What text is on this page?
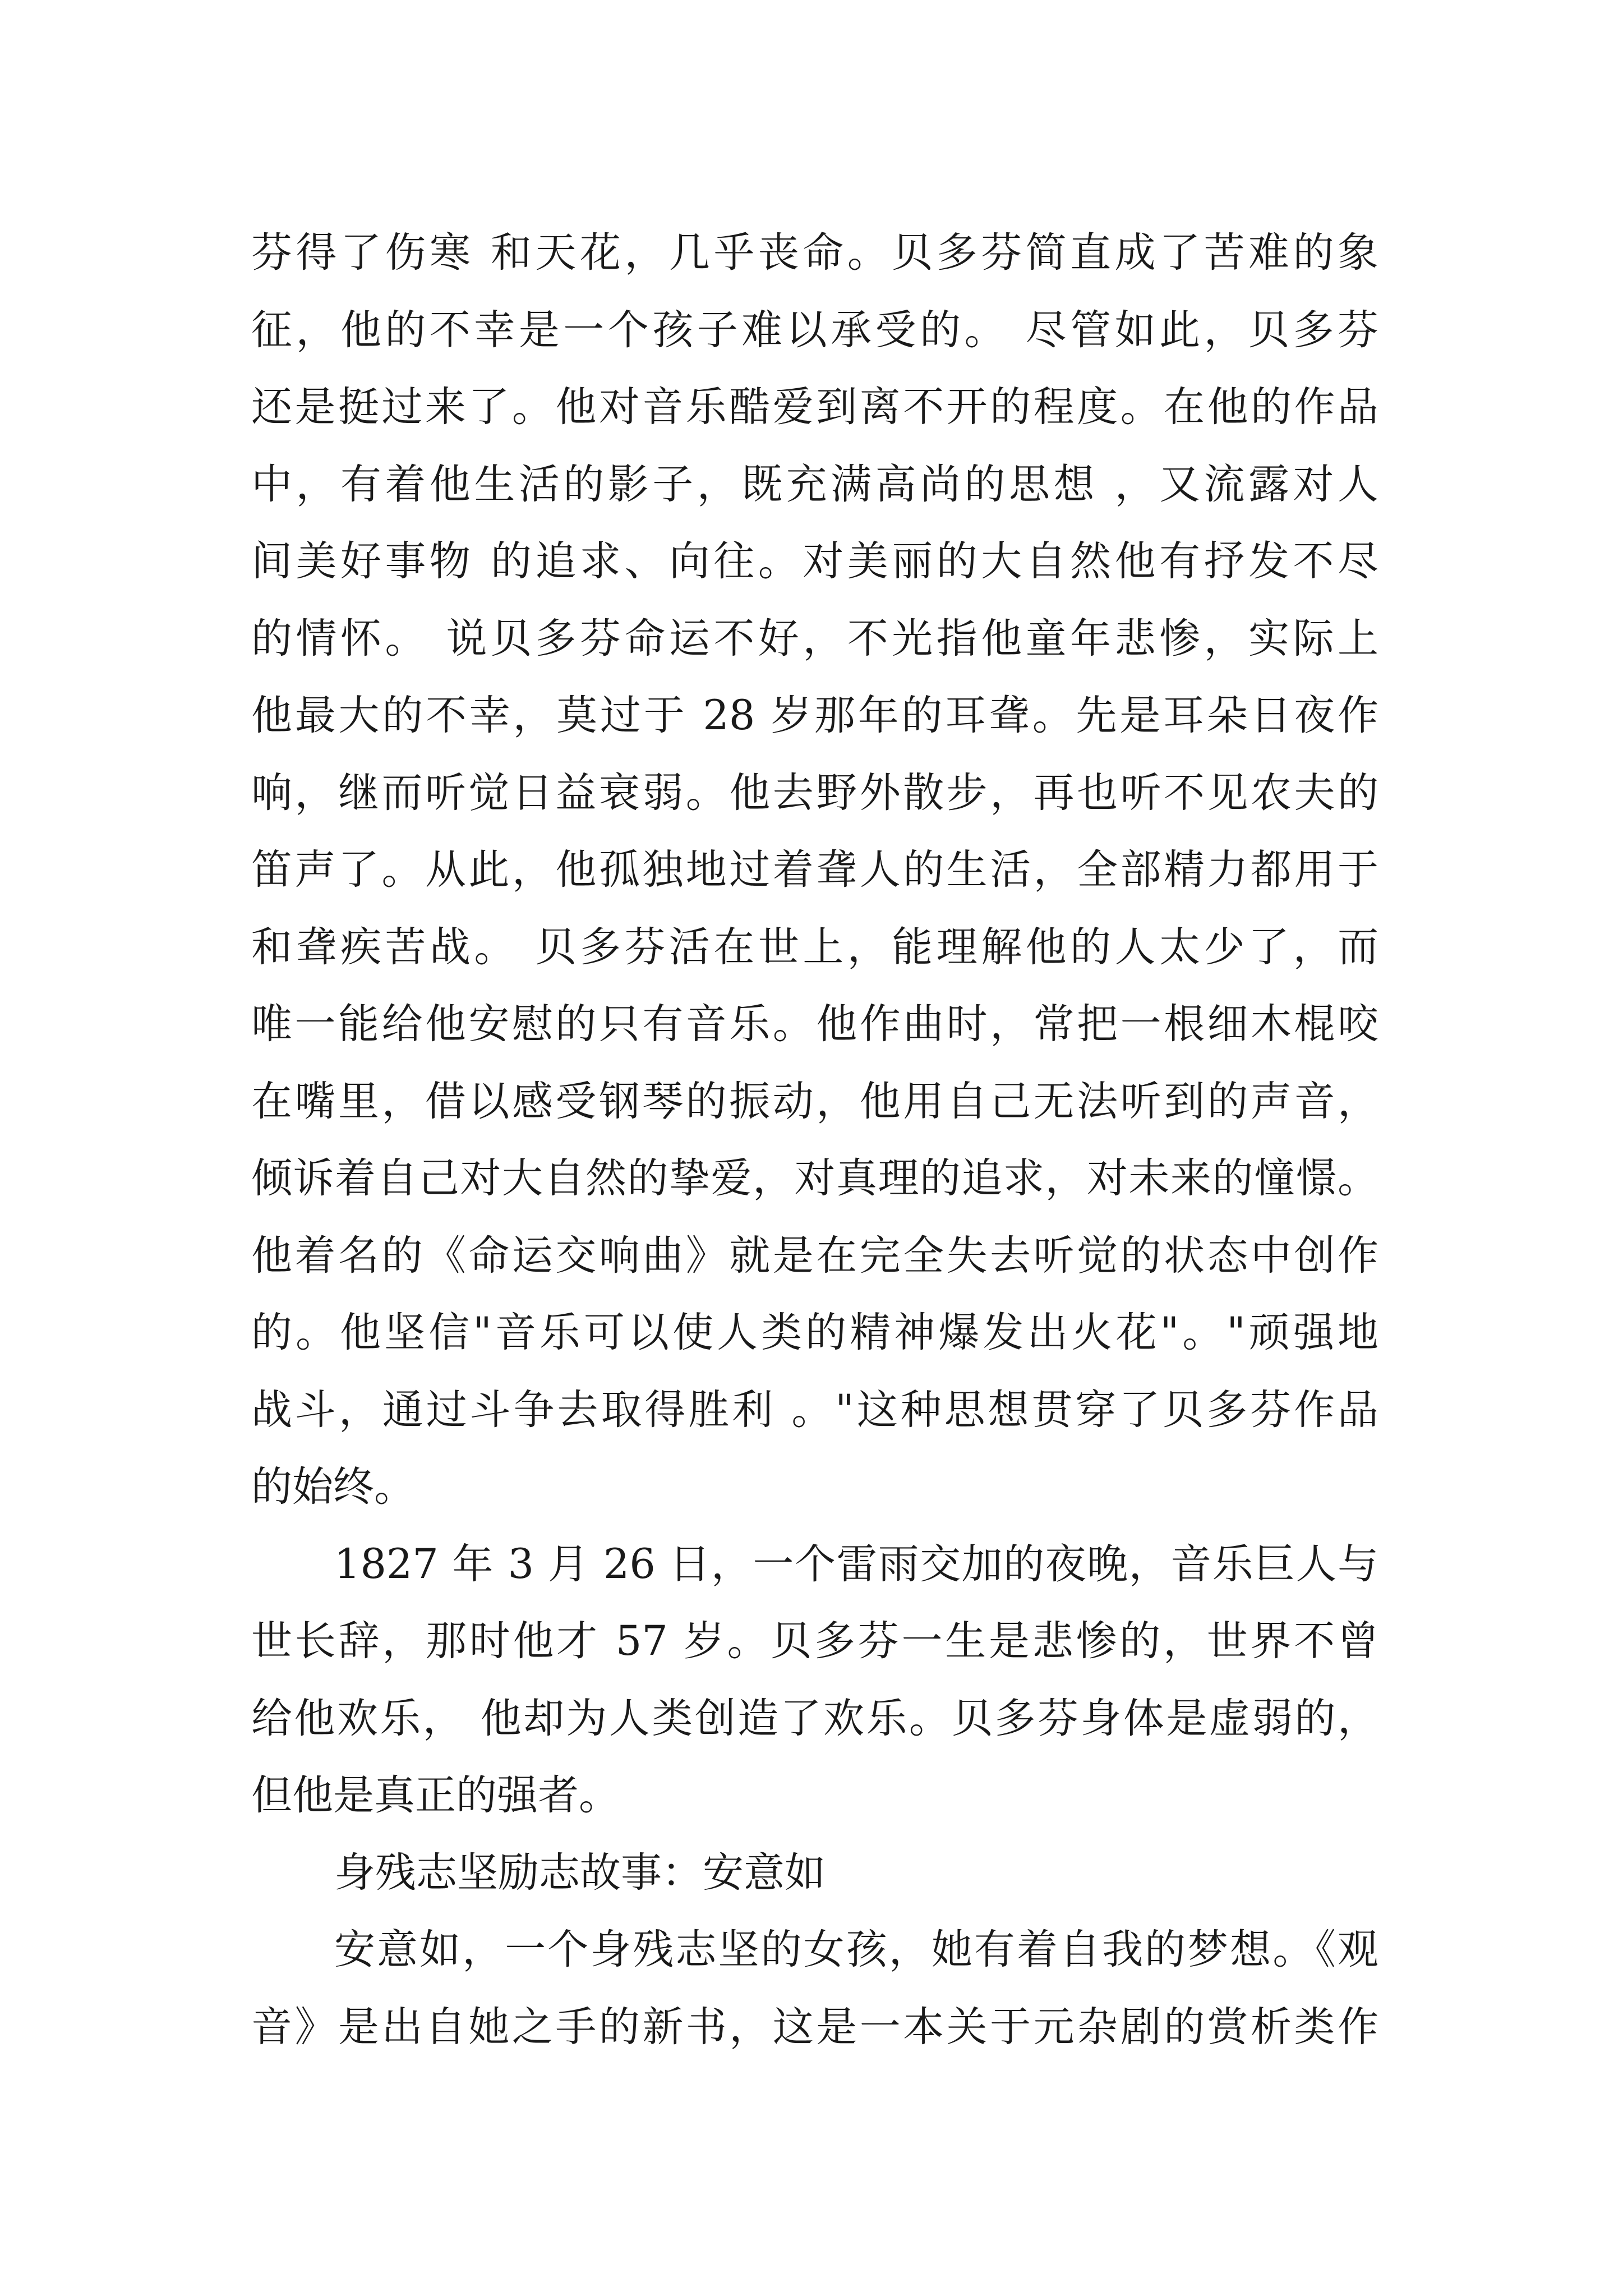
芬得了伤寒 和天花，几乎丧命。贝多芬简直成了苦难的象
征，他的不幸是一个孩子难以承受的。 尽管如此，贝多芬
还是挺过来了。他对音乐酷爱到离不开的程度。在他的作品
中，有着他生活的影子，既充满高尚的思想 ，又流露对人
间美好事物 的追求、向往。对美丽的大自然他有抒发不尽
的情怀。 说贝多芬命运不好，不光指他童年悲惨，实际上
他最大的不幸，莫过于 28 岁那年的耳聋。先是耳朵日夜作
响，继而听觉日益衰弱。他去野外散步，再也听不见农夫的
笛声了。从此，他孤独地过着聋人的生活，全部精力都用于
和聋疾苦战。 贝多芬活在世上，能理解他的人太少了，而
唯一能给他安慰的只有音乐。他作曲时，常把一根细木棍咬
在嘴里，借以感受钢琴的振动，他用自己无法听到的声音，
倾诉着自己对大自然的挚爱，对真理的追求，对未来的憧憬。
他着名的《命运交响曲》就是在完全失去听觉的状态中创作
的。他坚信"音乐可以使人类的精神爆发出火花"。"顽强地
战斗，通过斗争去取得胜利 。"这种思想贯穿了贝多芬作品
的始终。
1827 年 3 月 26 日，一个雷雨交加的夜晚，音乐巨人与
世长辞，那时他才 57 岁。贝多芬一生是悲惨的，世界不曾
给他欢乐， 他却为人类创造了欢乐。贝多芬身体是虚弱的，
但他是真正的强者。
身残志坚励志故事：安意如
安意如，一个身残志坚的女孩，她有着自我的梦想。《观
音》是出自她之手的新书，这是一本关于元杂剧的赏析类作
